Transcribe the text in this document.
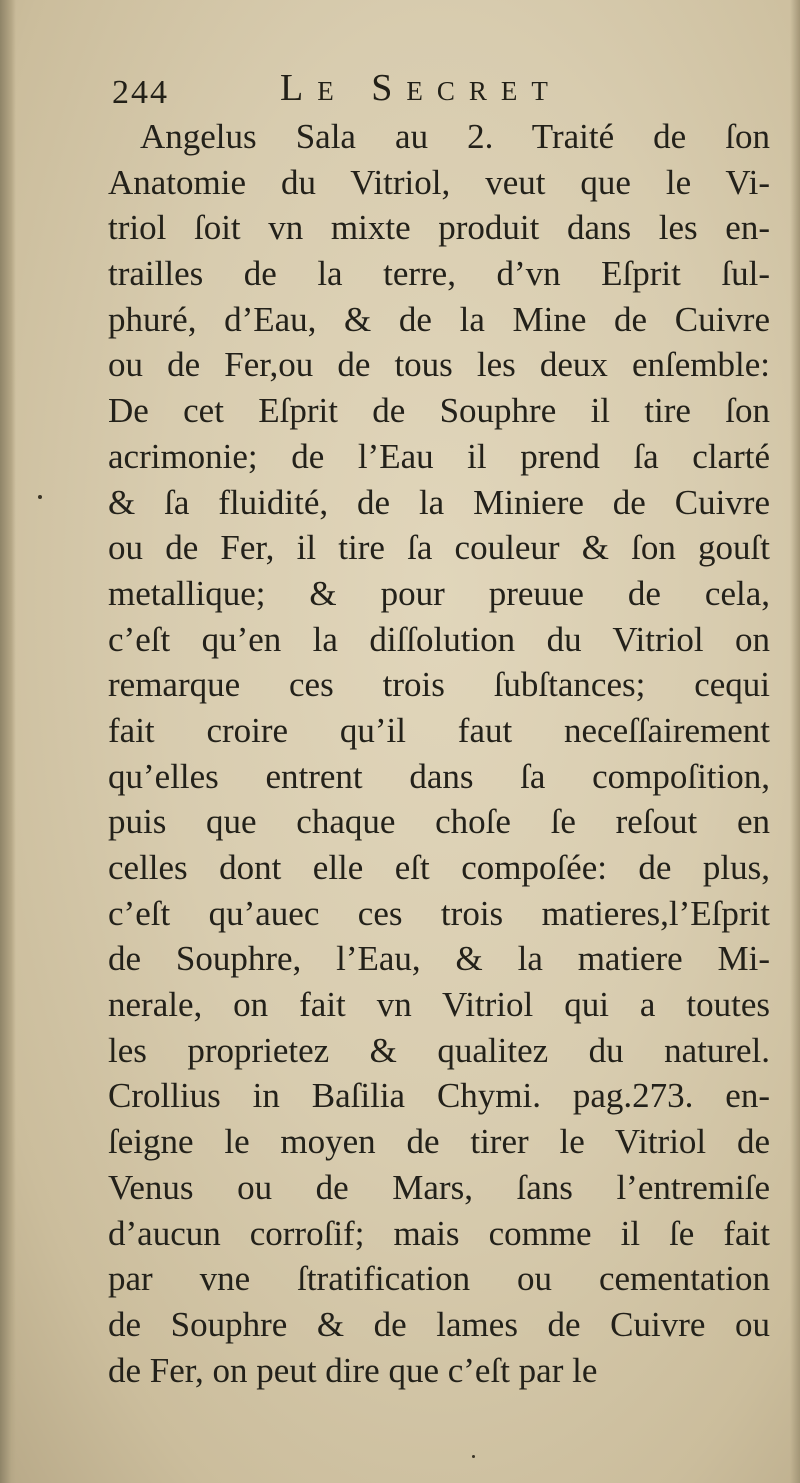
244	Le Secret
Angelus Sala au 2. Traité de ſon
Anatomie du Vitriol, veut que le Vi-
triol ſoit vn mixte produit dans les en-
trailles de la terre, d’vn Eſprit ſul-
phuré, d’Eau, & de la Mine de Cuivre
ou de Fer,ou de tous les deux enſemble:
De cet Eſprit de Souphre il tire ſon
acrimonie; de l’Eau il prend ſa clarté
& ſa fluidité, de la Miniere de Cuivre
ou de Fer, il tire ſa couleur & ſon gouſt
metallique; & pour preuue de cela,
c’eſt qu’en la diſſolution du Vitriol on
remarque ces trois ſubſtances; cequi
fait croire qu’il faut neceſſairement
qu’elles entrent dans ſa compoſition,
puis que chaque choſe ſe reſout en
celles dont elle eſt compoſée: de plus,
c’eſt qu’auec ces trois matieres,l’Eſprit
de Souphre, l’Eau, & la matiere Mi-
nerale, on fait vn Vitriol qui a toutes
les proprietez & qualitez du naturel.
Crollius in Baſilia Chymi. pag.273. en-
ſeigne le moyen de tirer le Vitriol de
Venus ou de Mars, ſans l’entremiſe
d’aucun corroſif; mais comme il ſe fait
par vne ſtratification ou cementation
de Souphre & de lames de Cuivre ou
de Fer, on peut dire que c’eſt par le
